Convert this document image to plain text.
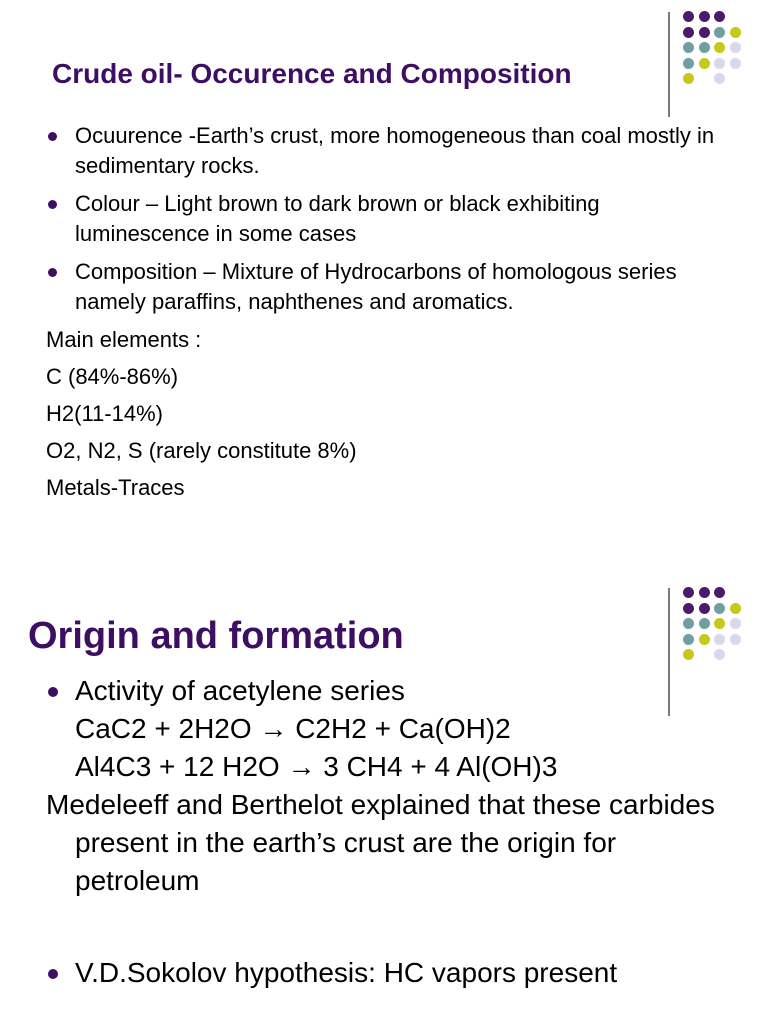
Crude oil- Occurence and Composition
Ocuurence -Earth’s crust, more homogeneous than coal mostly in sedimentary rocks.
Colour – Light brown to dark brown or black exhibiting luminescence in some cases
Composition – Mixture of Hydrocarbons of homologous series namely paraffins, naphthenes and aromatics.
Main elements :
C (84%-86%)
H2(11-14%)
O2, N2, S (rarely constitute 8%)
Metals-Traces
Origin and formation
Activity of acetylene series
CaC2 + 2H2O → C2H2 + Ca(OH)2
Al4C3 + 12 H2O → 3 CH4 + 4 Al(OH)3
Medeleeff and Berthelot explained that these carbides present in the earth’s crust are the origin for petroleum
V.D.Sokolov hypothesis: HC vapors present
